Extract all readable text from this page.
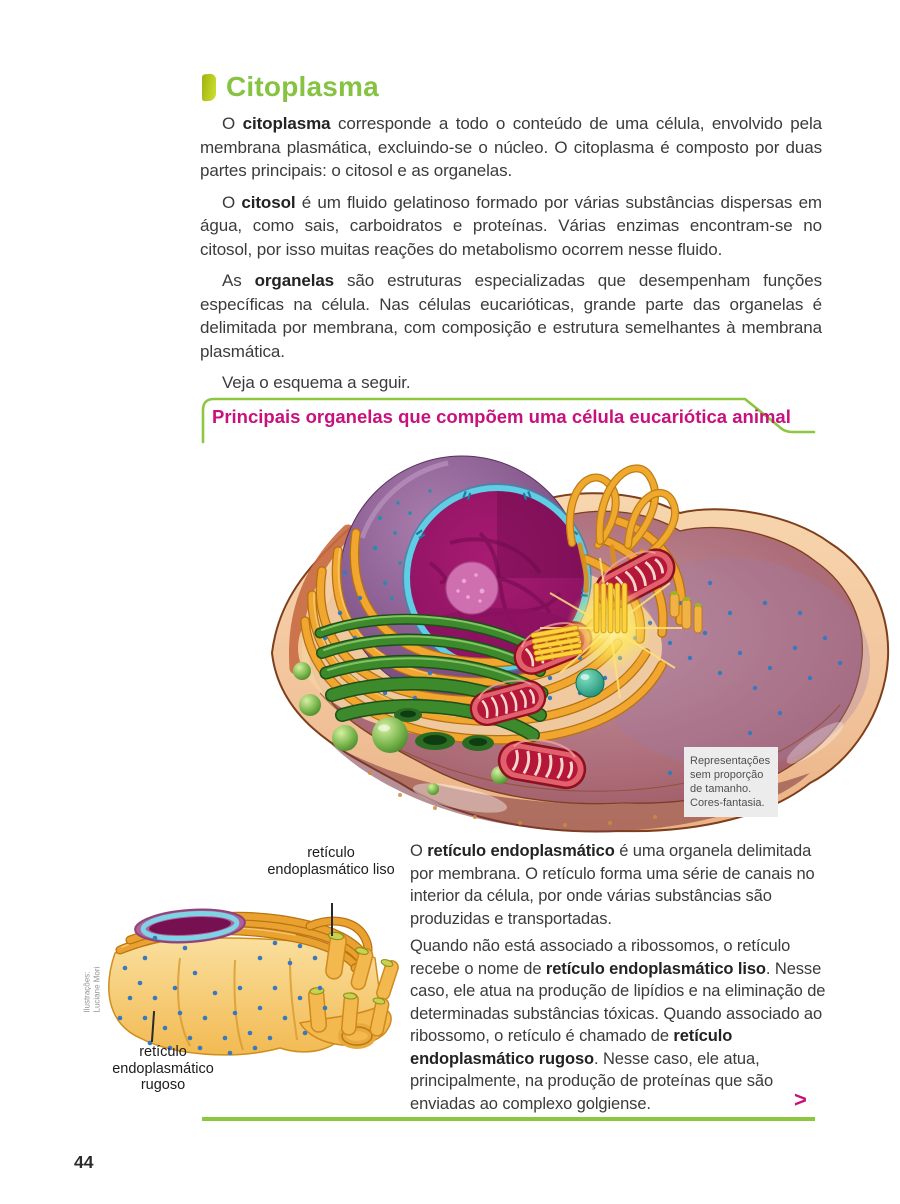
Citoplasma

O citoplasma corresponde a todo o conteúdo de uma célula, envolvido pela membrana plasmática, excluindo-se o núcleo. O citoplasma é composto por duas partes principais: o citosol e as organelas.

O citosol é um fluido gelatinoso formado por várias substâncias dispersas em água, como sais, carboidratos e proteínas. Várias enzimas encontram-se no citosol, por isso muitas reações do metabolismo ocorrem nesse fluido.

As organelas são estruturas especializadas que desempenham funções específicas na célula. Nas células eucarióticas, grande parte das organelas é delimitada por membrana, com composição e estrutura semelhantes à membrana plasmática.

Veja o esquema a seguir.

Principais organelas que compõem uma célula eucariótica animal
Representações sem proporção de tamanho. Cores-fantasia.
retículo endoplasmático liso
retículo endoplasmático rugoso
Ilustrações: Luciane Mori

O retículo endoplasmático é uma organela delimitada por membrana. O retículo forma uma série de canais no interior da célula, por onde várias substâncias são produzidas e transportadas.

Quando não está associado a ribossomos, o retículo recebe o nome de retículo endoplasmático liso. Nesse caso, ele atua na produção de lipídios e na eliminação de determinadas substâncias tóxicas. Quando associado ao ribossomo, o retículo é chamado de retículo endoplasmático rugoso. Nesse caso, ele atua, principalmente, na produção de proteínas que são enviadas ao complexo golgiense.	>
44
